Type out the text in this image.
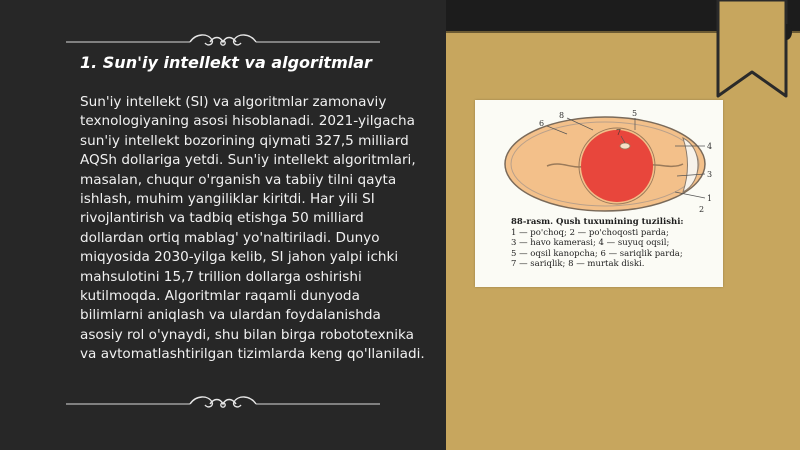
1. Sun'iy intellekt va algoritmlar

Sun'iy intellekt (SI) va algoritmlar zamonaviy texnologiyaning asosi hisoblanadi. 2021-yilgacha sun'iy intellekt bozorining qiymati 327,5 milliard AQSh dollariga yetdi. Sun'iy intellekt algoritmlari, masalan, chuqur o'rganish va tabiiy tilni qayta ishlash, muhim yangiliklar kiritdi. Har yili SI rivojlantirish va tadbiq etishga 50 milliard dollardan ortiq mablag' yo'naltiriladi. Dunyo miqyosida 2030-yilga kelib, SI jahon yalpi ichki mahsulotini 15,7 trillion dollarga oshirishi kutilmoqda. Algoritmlar raqamli dunyoda bilimlarni aniqlash va ulardan foydalanishda asosiy rol o'ynaydi, shu bilan birga robototexnika va avtomatlashtirilgan tizimlarda keng qo'llaniladi.

6
8
7
5
4
3
1
2
88-rasm. Qush tuxumining tuzilishi:
1 — po'choq; 2 — po'choqosti parda;
3 — havo kamerasi; 4 — suyuq oqsil;
5 — oqsil kanopcha; 6 — sariqlik parda;
7 — sariqlik; 8 — murtak diski.
